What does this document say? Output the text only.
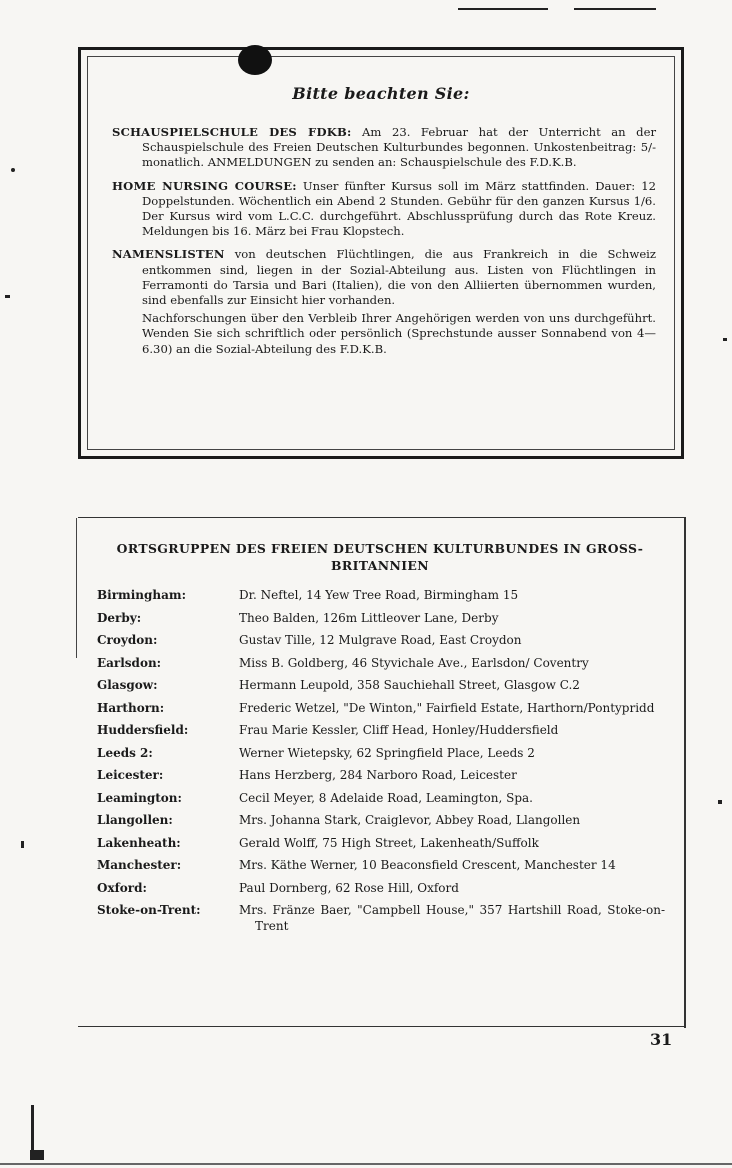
Bitte beachten Sie:

SCHAUSPIELSCHULE DES FDKB: Am 23. Februar hat der Unterricht an der Schauspielschule des Freien Deutschen Kulturbundes begonnen. Unkostenbeitrag: 5/- monatlich. ANMELDUNGEN zu senden an: Schauspielschule des F.D.K.B.

HOME NURSING COURSE: Unser fünfter Kursus soll im März stattfinden. Dauer: 12 Doppelstunden. Wöchentlich ein Abend 2 Stunden. Gebühr für den ganzen Kursus 1/6. Der Kursus wird vom L.C.C. durchgeführt. Abschlussprüfung durch das Rote Kreuz. Meldungen bis 16. März bei Frau Klopstech.

NAMENSLISTEN von deutschen Flüchtlingen, die aus Frankreich in die Schweiz entkommen sind, liegen in der Sozial-Abteilung aus. Listen von Flüchtlingen in Ferramonti do Tarsia und Bari (Italien), die von den Alliierten übernommen wurden, sind ebenfalls zur Einsicht hier vorhanden.

Nachforschungen über den Verbleib Ihrer Angehörigen werden von uns durchgeführt. Wenden Sie sich schriftlich oder persönlich (Sprechstunde ausser Sonnabend von 4—6.30) an die Sozial-Abteilung des F.D.K.B.

ORTSGRUPPEN DES FREIEN DEUTSCHEN KULTURBUNDES IN GROSS-BRITANNIEN
Birmingham:	Dr. Neftel, 14 Yew Tree Road, Birmingham 15
Derby:	Theo Balden, 126m Littleover Lane, Derby
Croydon:	Gustav Tille, 12 Mulgrave Road, East Croydon
Earlsdon:	Miss B. Goldberg, 46 Styvichale Ave., Earlsdon/ Coventry
Glasgow:	Hermann Leupold, 358 Sauchiehall Street, Glasgow C.2
Harthorn:	Frederic Wetzel, "De Winton," Fairfield Estate, Harthorn/Pontypridd
Huddersfield:	Frau Marie Kessler, Cliff Head, Honley/Huddersfield
Leeds 2:	Werner Wietepsky, 62 Springfield Place, Leeds 2
Leicester:	Hans Herzberg, 284 Narboro Road, Leicester
Leamington:	Cecil Meyer, 8 Adelaide Road, Leamington, Spa.
Llangollen:	Mrs. Johanna Stark, Craiglevor, Abbey Road, Llangollen
Lakenheath:	Gerald Wolff, 75 High Street, Lakenheath/Suffolk
Manchester:	Mrs. Käthe Werner, 10 Beaconsfield Crescent, Manchester 14
Oxford:	Paul Dornberg, 62 Rose Hill, Oxford
Stoke-on-Trent:	Mrs. Fränze Baer, "Campbell House," 357 Hartshill Road, Stoke-on-Trent
31
